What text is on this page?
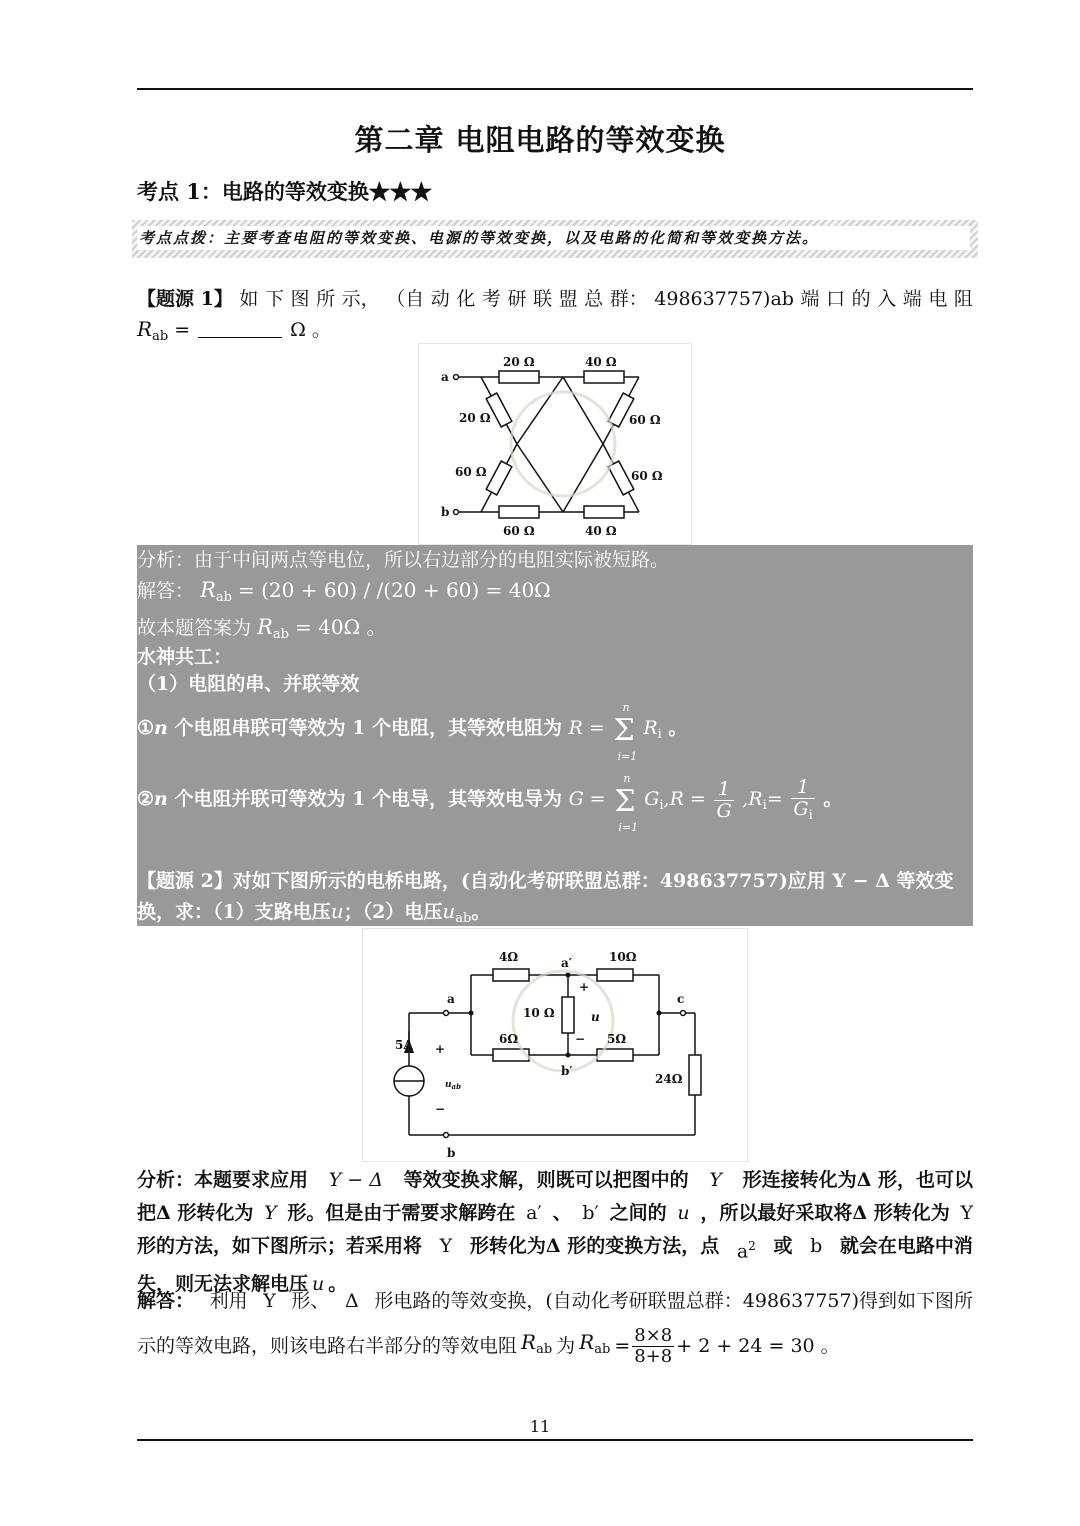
第二章 电阻电路的等效变换
考点 1：电路的等效变换★★★
考点点拨：主要考查电阻的等效变换、电源的等效变换，以及电路的化简和等效变换方法。
【题源 1】 如 下 图 所 示， （自 动 化 考 研 联 盟 总 群： 498637757)ab 端 口 的 入 端 电 阻
$R_{ab}$ =	Ω 。
a
b
20 Ω	40 Ω
20 Ω
60 Ω
60 Ω
60 Ω
60 Ω	40 Ω
分析：由于中间两点等电位，所以右边部分的电阻实际被短路。
解答： $R_{ab} = (20 + 60) / /(20 + 60) = 40\Omega$
故本题答案为 $R_{ab} = 40\Omega$ 。
水神共工：
（1）电阻的串、并联等效
①n 个电阻串联可等效为 1 个电阻，其等效电阻为 R = Σ
n
i=1
$R_i$ 。
②n 个电阻并联可等效为 1 个电导，其等效电导为 G = Σ
n
i=1
$G_i,R = \frac{1}{G} ,R_i= \frac{1}{G_i}$ 。
【题源 2】对如下图所示的电桥电路，(自动化考研联盟总群：498637757)应用 Y − Δ 等效变
换，求：（1）支路电压u；（2）电压$u_{ab}$。
4Ω	10Ω
10 Ω
6Ω	5Ω
24Ω
a
a′
b
b′
c
5A +
−
+
−
u
$u_{ab}$
分析：本题要求应用 Y − Δ 等效变换求解，则既可以把图中的 Y 形连接转化为Δ 形，也可以
把Δ 形转化为 Y 形。但是由于需要求解跨在 a′ 、 b′ 之间的 u ，所以最好采取将Δ 形转化为 Y
形的方法，如下图所示；若采用将 Y 形转化为Δ 形的变换方法，点 $a^2$ 或 b 就会在电路中消
失，则无法求解电压 u 。
解答： 利用 Y 形、 Δ 形电路的等效变换，(自动化考研联盟总群：498637757)得到如下图所
示的等效电路，则该电路右半部分的等效电阻 $R_{ab}$ 为 $R_{ab} = \frac{8\times 8}{8+8} + 2 + 24 = 30$ 。
11
